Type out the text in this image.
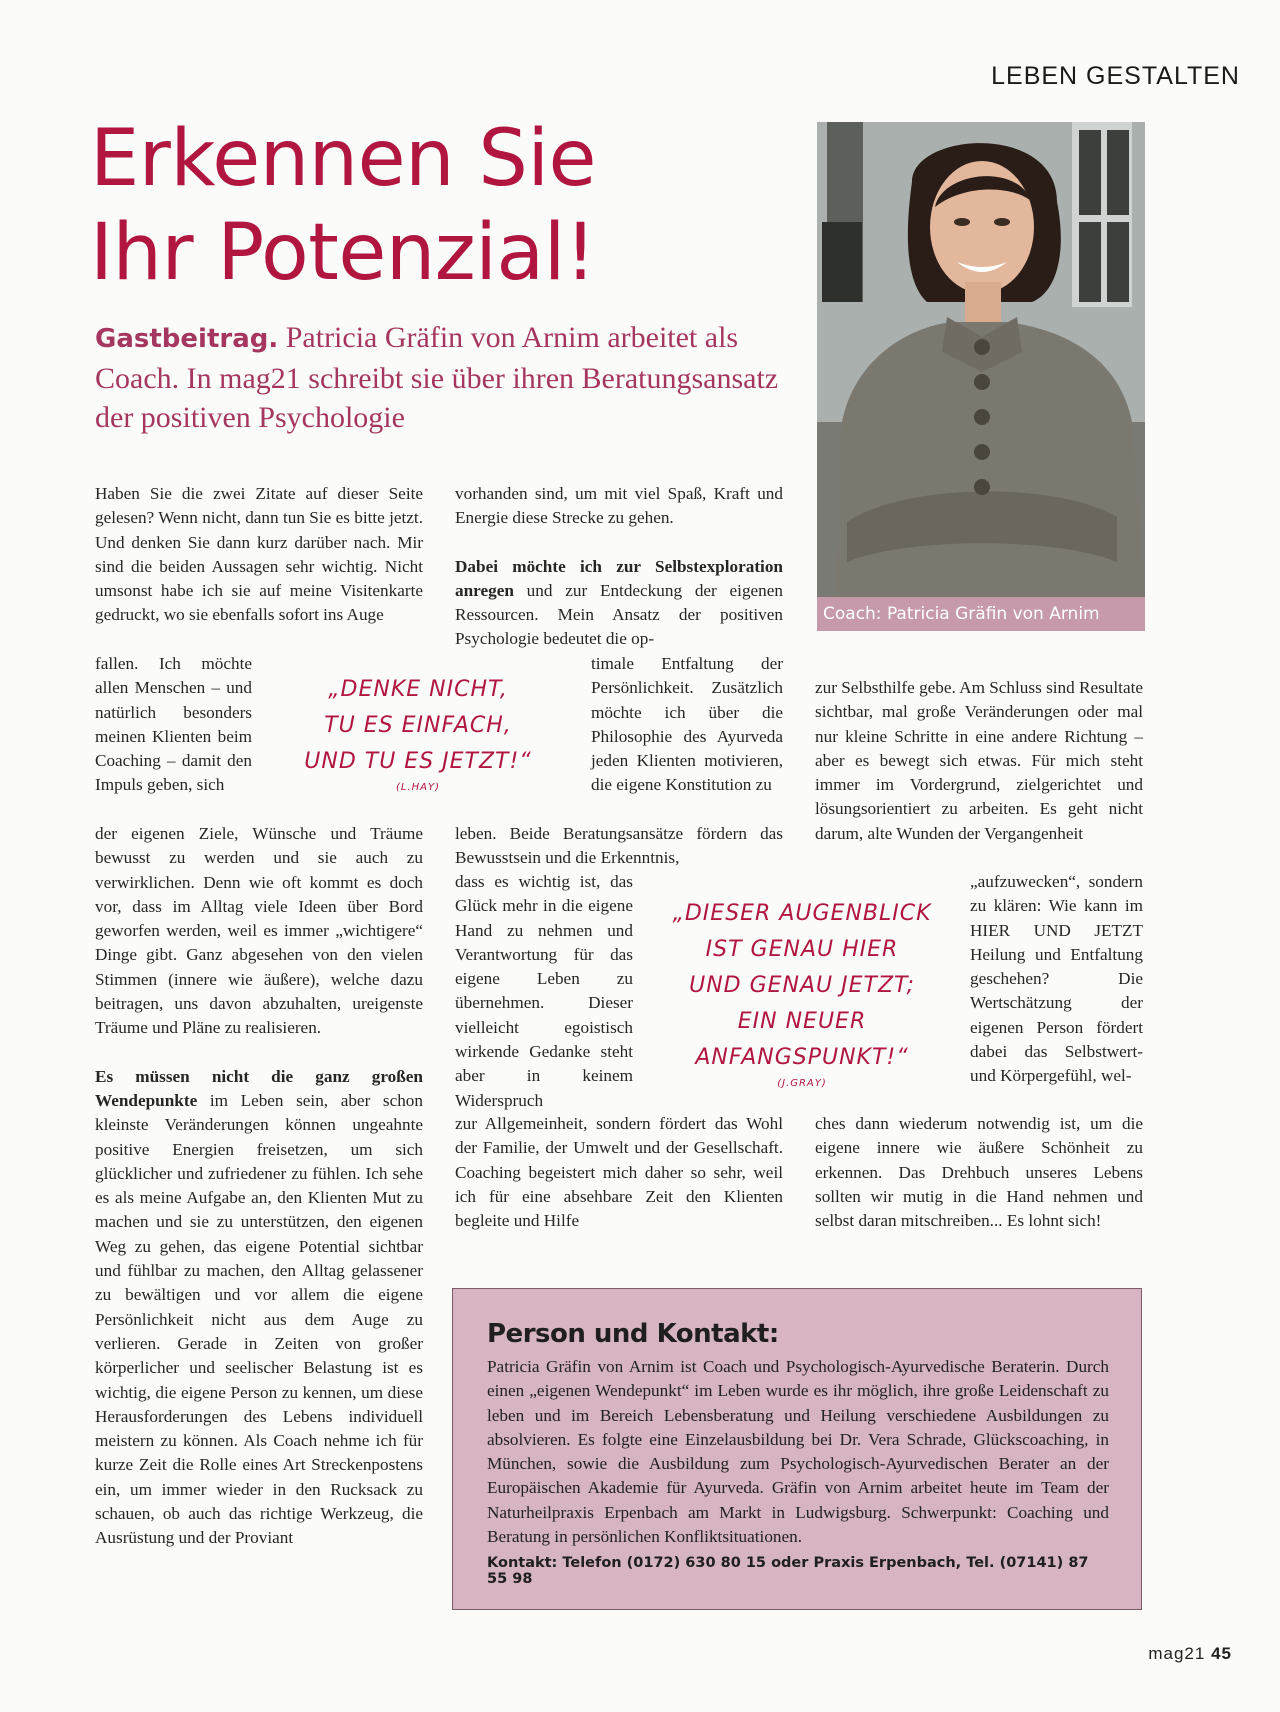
LEBEN GESTALTEN
Erkennen Sie
Ihr Potenzial!
Gastbeitrag. Patricia Gräfin von Arnim arbeitet als Coach. In mag21 schreibt sie über ihren Beratungsansatz der positiven Psychologie
Coach: Patricia Gräfin von Arnim

Haben Sie die zwei Zitate auf dieser Seite gelesen? Wenn nicht, dann tun Sie es bitte jetzt. Und denken Sie dann kurz darüber nach. Mir sind die beiden Aussagen sehr wichtig. Nicht umsonst habe ich sie auf meine Visitenkarte gedruckt, wo sie ebenfalls sofort ins Auge

fallen. Ich möchte allen Menschen – und natürlich besonders meinen Klienten beim Coaching – damit den Impuls geben, sich

der eigenen Ziele, Wünsche und Träume bewusst zu werden und sie auch zu verwirklichen. Denn wie oft kommt es doch vor, dass im Alltag viele Ideen über Bord geworfen werden, weil es immer „wichtigere“ Dinge gibt. Ganz abgesehen von den vielen Stimmen (innere wie äußere), welche dazu beitragen, uns davon abzuhalten, ureigenste Träume und Pläne zu realisieren.

Es müssen nicht die ganz großen Wendepunkte im Leben sein, aber schon kleinste Veränderungen können ungeahnte positive Energien freisetzen, um sich glücklicher und zufriedener zu fühlen. Ich sehe es als meine Aufgabe an, den Klienten Mut zu machen und sie zu unterstützen, den eigenen Weg zu gehen, das eigene Potential sichtbar und fühlbar zu machen, den Alltag gelassener zu bewältigen und vor allem die eigene Persönlichkeit nicht aus dem Auge zu verlieren. Gerade in Zeiten von großer körperlicher und seelischer Belastung ist es wichtig, die eigene Person zu kennen, um diese Herausforderungen des Lebens individuell meistern zu können. Als Coach nehme ich für kurze Zeit die Rolle eines Art Streckenpostens ein, um immer wieder in den Rucksack zu schauen, ob auch das richtige Werkzeug, die Ausrüstung und der Proviant

„DENKE NICHT,
TU ES EINFACH,
UND TU ES JETZT!“
(L.HAY)

vorhanden sind, um mit viel Spaß, Kraft und Energie diese Strecke zu gehen.

Dabei möchte ich zur Selbstexploration anregen und zur Entdeckung der eigenen Ressourcen. Mein Ansatz der positiven Psychologie bedeutet die op-

timale Entfaltung der Persönlichkeit. Zusätzlich möchte ich über die Philosophie des Ayurveda jeden Klienten motivieren, die eigene Konstitution zu

leben. Beide Beratungsansätze fördern das Bewusstsein und die Erkenntnis,

dass es wichtig ist, das Glück mehr in die eigene Hand zu nehmen und Verantwortung für das eigene Leben zu übernehmen. Dieser vielleicht egoistisch wirkende Gedanke steht aber in keinem Widerspruch

zur Allgemeinheit, sondern fördert das Wohl der Familie, der Umwelt und der Gesellschaft. Coaching begeistert mich daher so sehr, weil ich für eine absehbare Zeit den Klienten begleite und Hilfe

„DIESER AUGENBLICK
IST GENAU HIER
UND GENAU JETZT;
EIN NEUER
ANFANGSPUNKT!“
(J.GRAY)

zur Selbsthilfe gebe. Am Schluss sind Resultate sichtbar, mal große Veränderungen oder mal nur kleine Schritte in eine andere Richtung – aber es bewegt sich etwas. Für mich steht immer im Vordergrund, zielgerichtet und lösungsorientiert zu arbeiten. Es geht nicht darum, alte Wunden der Vergangenheit

„aufzuwecken“, sondern zu klären: Wie kann im HIER UND JETZT Heilung und Entfaltung geschehen? Die Wertschätzung der eigenen Person fördert dabei das Selbstwert- und Körpergefühl, wel-

ches dann wiederum notwendig ist, um die eigene innere wie äußere Schönheit zu erkennen. Das Drehbuch unseres Lebens sollten wir mutig in die Hand nehmen und selbst daran mitschreiben... Es lohnt sich!

Person und Kontakt:
Patricia Gräfin von Arnim ist Coach und Psychologisch-Ayurvedische Beraterin. Durch einen „eigenen Wendepunkt“ im Leben wurde es ihr möglich, ihre große Leidenschaft zu leben und im Bereich Lebensberatung und Heilung verschiedene Ausbildungen zu absolvieren. Es folgte eine Einzelausbildung bei Dr. Vera Schrade, Glückscoaching, in München, sowie die Ausbildung zum Psychologisch-Ayurvedischen Berater an der Europäischen Akademie für Ayurveda. Gräfin von Arnim arbeitet heute im Team der Naturheilpraxis Erpenbach am Markt in Ludwigsburg. Schwerpunkt: Coaching und Beratung in persönlichen Konfliktsituationen.
Kontakt: Telefon (0172) 630 80 15 oder Praxis Erpenbach, Tel. (07141) 87 55 98
mag21 45
